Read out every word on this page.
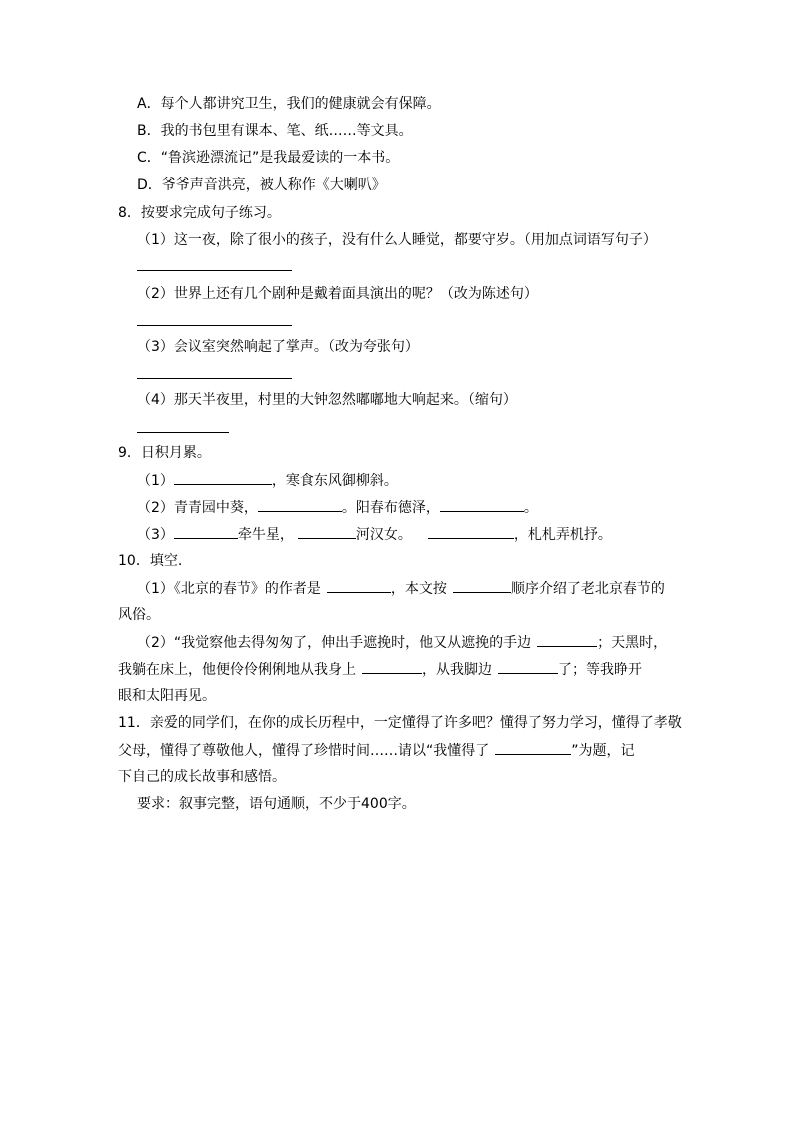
A．每个人都讲究卫生，我们的健康就会有保障。
B．我的书包里有课本、笔、纸……等文具。
C．“鲁滨逊漂流记”是我最爱读的一本书。
D．爷爷声音洪亮，被人称作《大喇叭》
8．按要求完成句子练习。
（1）这一夜，除了很小的孩子，没有什么人睡觉，都要守岁。（用加点词语写句子）
（2）世界上还有几个剧种是戴着面具演出的呢？（改为陈述句）
（3）会议室突然响起了掌声。（改为夸张句）
（4）那天半夜里，村里的大钟忽然嘟嘟地大响起来。（缩句）
9．日积月累。
（1）	，寒食东风御柳斜。
（2）青青园中葵，	。阳春布德泽，	。
（3）	牵牛星，	河汉女。	，札札弄机抒。
10．填空.
（1）《北京的春节》的作者是	，本文按	顺序介绍了老北京春节的
风俗。
（2）“我觉察他去得匆匆了，伸出手遮挽时，他又从遮挽的手边	；天黑时，
我躺在床上，他便伶伶俐俐地从我身上	，从我脚边	了；等我睁开
眼和太阳再见。
11．亲爱的同学们，在你的成长历程中，一定懂得了许多吧？懂得了努力学习，懂得了孝敬
父母，懂得了尊敬他人，懂得了珍惜时间……请以“我懂得了	”为题，记
下自己的成长故事和感悟。
要求：叙事完整，语句通顺，不少于400字。
